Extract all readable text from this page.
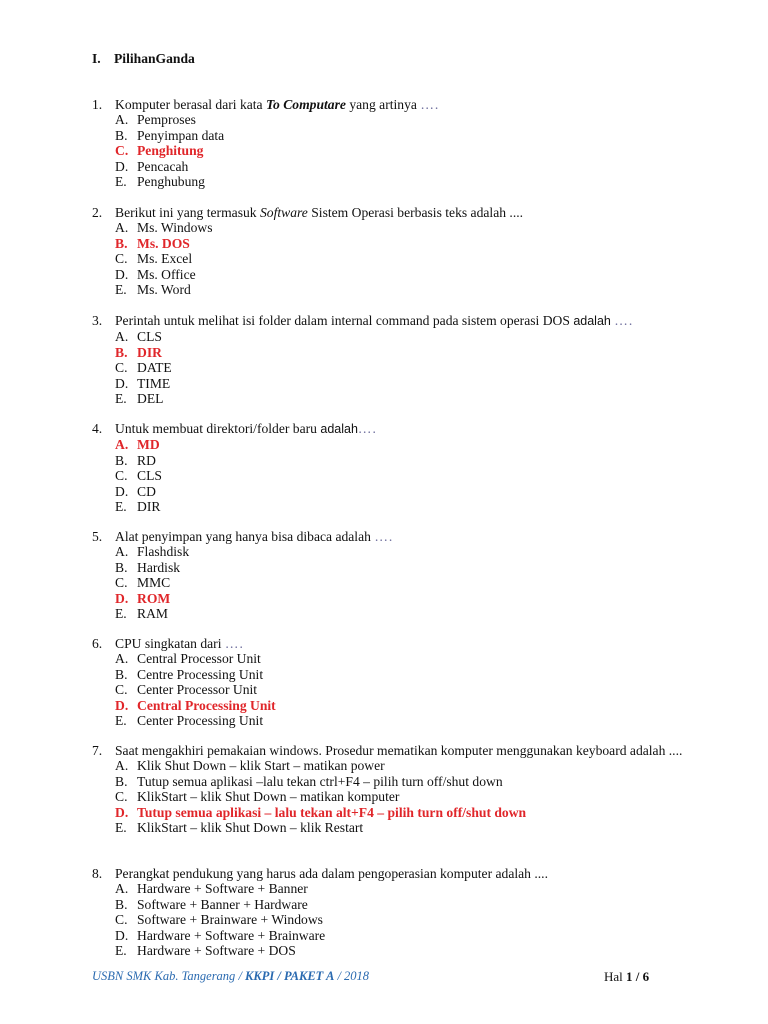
I. PilihanGanda
1. Komputer berasal dari kata To Computare yang artinya ….
A. Pemproses
B. Penyimpan data
C. Penghitung
D. Pencacah
E. Penghubung
2. Berikut ini yang termasuk Software Sistem Operasi berbasis teks adalah ....
A. Ms. Windows
B. Ms. DOS
C. Ms. Excel
D. Ms. Office
E. Ms. Word
3. Perintah untuk melihat isi folder dalam internal command pada sistem operasi DOS adalah ….
A. CLS
B. DIR
C. DATE
D. TIME
E. DEL
4. Untuk membuat direktori/folder baru adalah….
A. MD
B. RD
C. CLS
D. CD
E. DIR
5. Alat penyimpan yang hanya bisa dibaca adalah ….
A. Flashdisk
B. Hardisk
C. MMC
D. ROM
E. RAM
6. CPU singkatan dari ….
A. Central Processor Unit
B. Centre Processing Unit
C. Center Processor Unit
D. Central Processing Unit
E. Center Processing Unit
7. Saat mengakhiri pemakaian windows. Prosedur mematikan komputer menggunakan keyboard adalah ....
A. Klik Shut Down – klik Start – matikan power
B. Tutup semua aplikasi –lalu tekan ctrl+F4 – pilih turn off/shut down
C. KlikStart – klik Shut Down – matikan komputer
D. Tutup semua aplikasi – lalu tekan alt+F4 – pilih turn off/shut down
E. KlikStart – klik Shut Down – klik Restart
8. Perangkat pendukung yang harus ada dalam pengoperasian komputer adalah ....
A. Hardware + Software + Banner
B. Software + Banner + Hardware
C. Software + Brainware + Windows
D. Hardware + Software + Brainware
E. Hardware + Software + DOS
USBN SMK Kab. Tangerang / KKPI / PAKET A / 2018	Hal 1 / 6
